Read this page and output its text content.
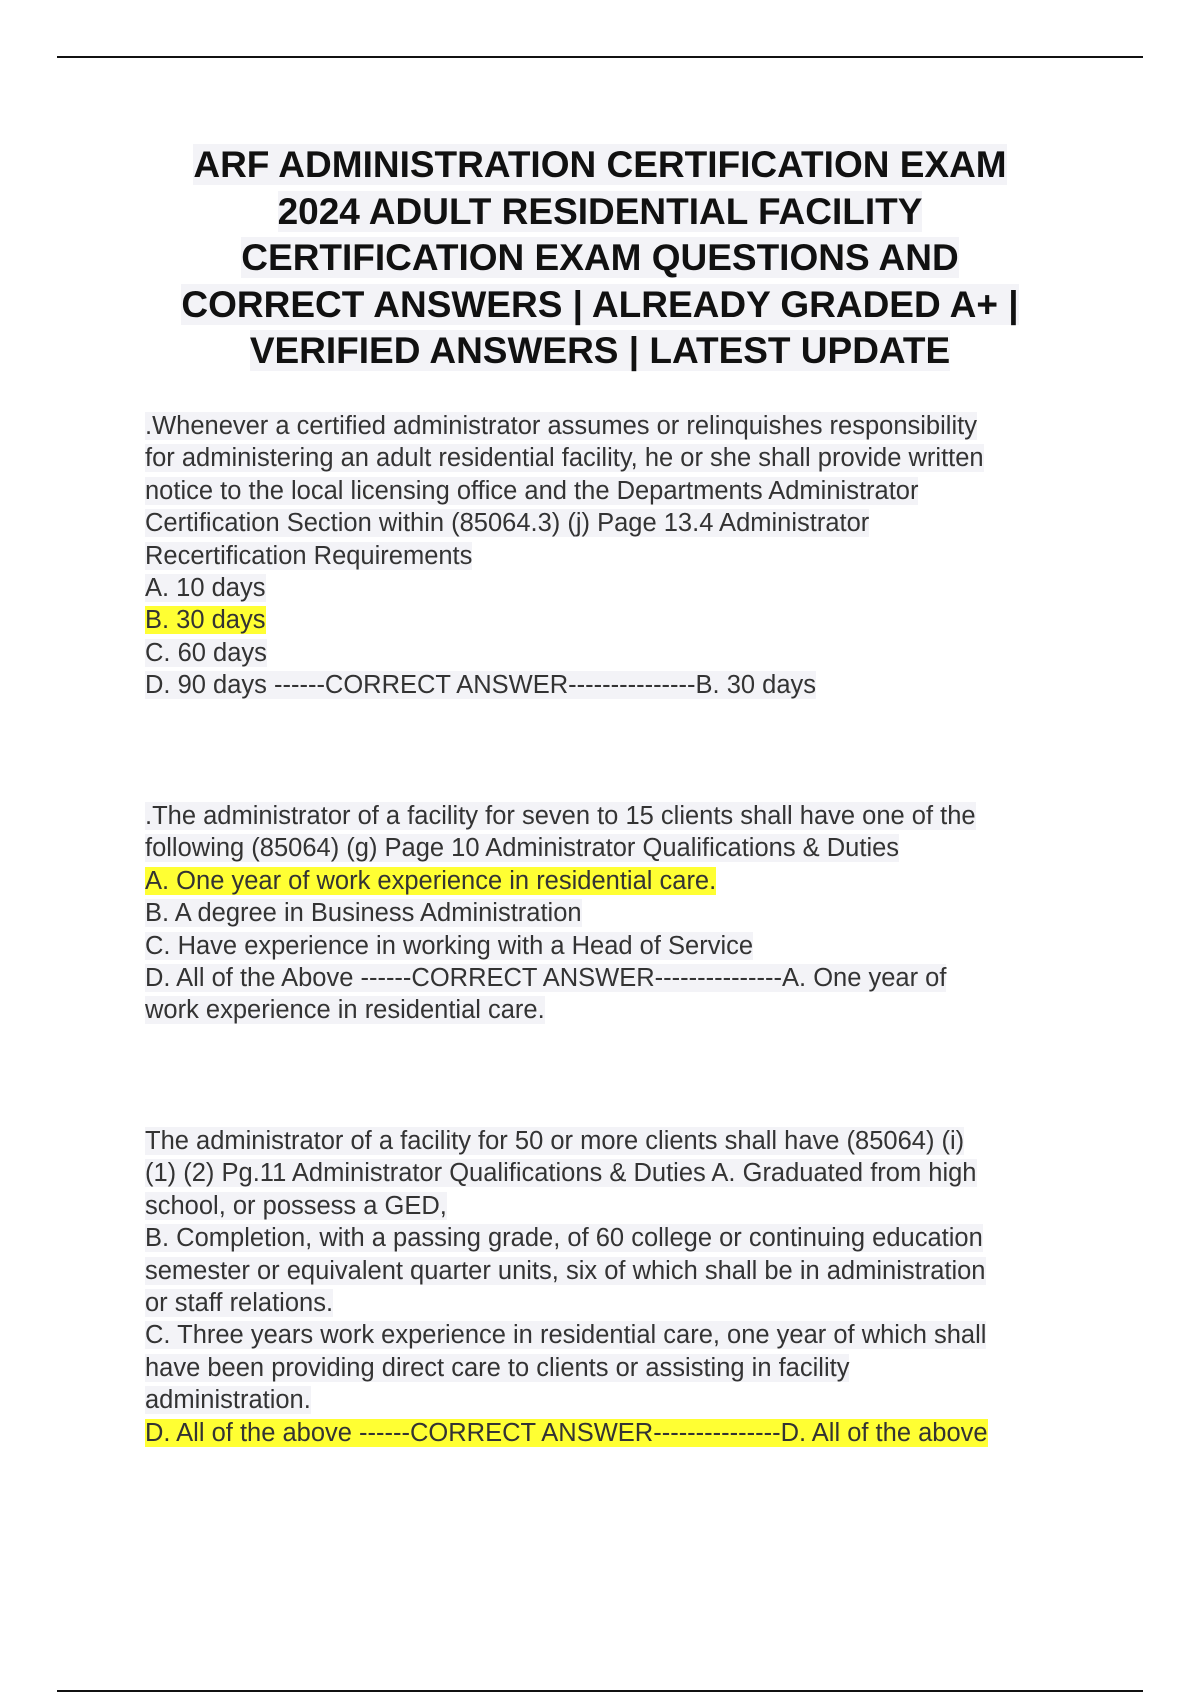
ARF ADMINISTRATION CERTIFICATION EXAM
2024 ADULT RESIDENTIAL FACILITY
CERTIFICATION EXAM QUESTIONS AND
CORRECT ANSWERS | ALREADY GRADED A+ |
VERIFIED ANSWERS | LATEST UPDATE
.Whenever a certified administrator assumes or relinquishes responsibility
for administering an adult residential facility, he or she shall provide written
notice to the local licensing office and the Departments Administrator
Certification Section within (85064.3) (j) Page 13.4 Administrator
Recertification Requirements
A. 10 days
B. 30 days
C. 60 days
D. 90 days ------CORRECT ANSWER---------------B. 30 days
.The administrator of a facility for seven to 15 clients shall have one of the
following (85064) (g) Page 10 Administrator Qualifications & Duties
A. One year of work experience in residential care.
B. A degree in Business Administration
C. Have experience in working with a Head of Service
D. All of the Above ------CORRECT ANSWER---------------A. One year of
work experience in residential care.
The administrator of a facility for 50 or more clients shall have (85064) (i)
(1) (2) Pg.11 Administrator Qualifications & Duties A. Graduated from high
school, or possess a GED,
B. Completion, with a passing grade, of 60 college or continuing education
semester or equivalent quarter units, six of which shall be in administration
or staff relations.
C. Three years work experience in residential care, one year of which shall
have been providing direct care to clients or assisting in facility
administration.
D. All of the above ------CORRECT ANSWER---------------D. All of the above
